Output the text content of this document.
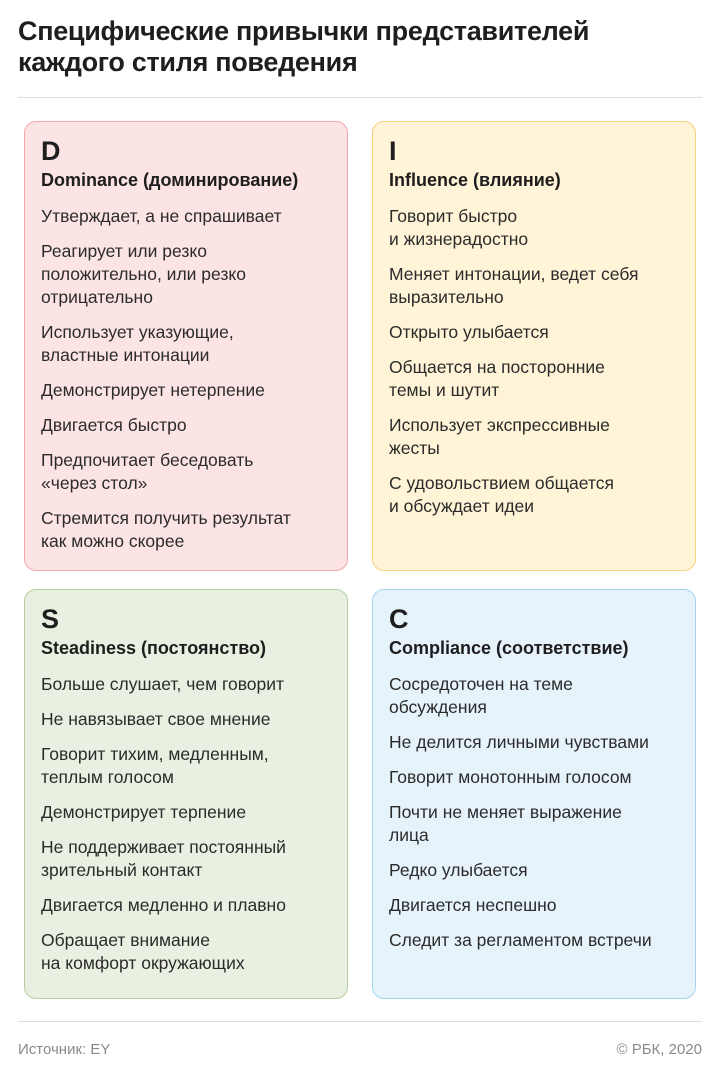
Специфические привычки представителей
каждого стиля поведения
D
Dominance (доминирование)
Утверждает, а не спрашивает
Реагирует или резко
положительно, или резко
отрицательно
Использует указующие,
властные интонации
Демонстрирует нетерпение
Двигается быстро
Предпочитает беседовать
«через стол»
Стремится получить результат
как можно скорее
I
Influence (влияние)
Говорит быстро
и жизнерадостно
Меняет интонации, ведет себя
выразительно
Открыто улыбается
Общается на посторонние
темы и шутит
Использует экспрессивные
жесты
С удовольствием общается
и обсуждает идеи
S
Steadiness (постоянство)
Больше слушает, чем говорит
Не навязывает свое мнение
Говорит тихим, медленным,
теплым голосом
Демонстрирует терпение
Не поддерживает постоянный
зрительный контакт
Двигается медленно и плавно
Обращает внимание
на комфорт окружающих
C
Compliance (соответствие)
Сосредоточен на теме
обсуждения
Не делится личными чувствами
Говорит монотонным голосом
Почти не меняет выражение
лица
Редко улыбается
Двигается неспешно
Следит за регламентом встречи
Источник: EY	© РБК, 2020
